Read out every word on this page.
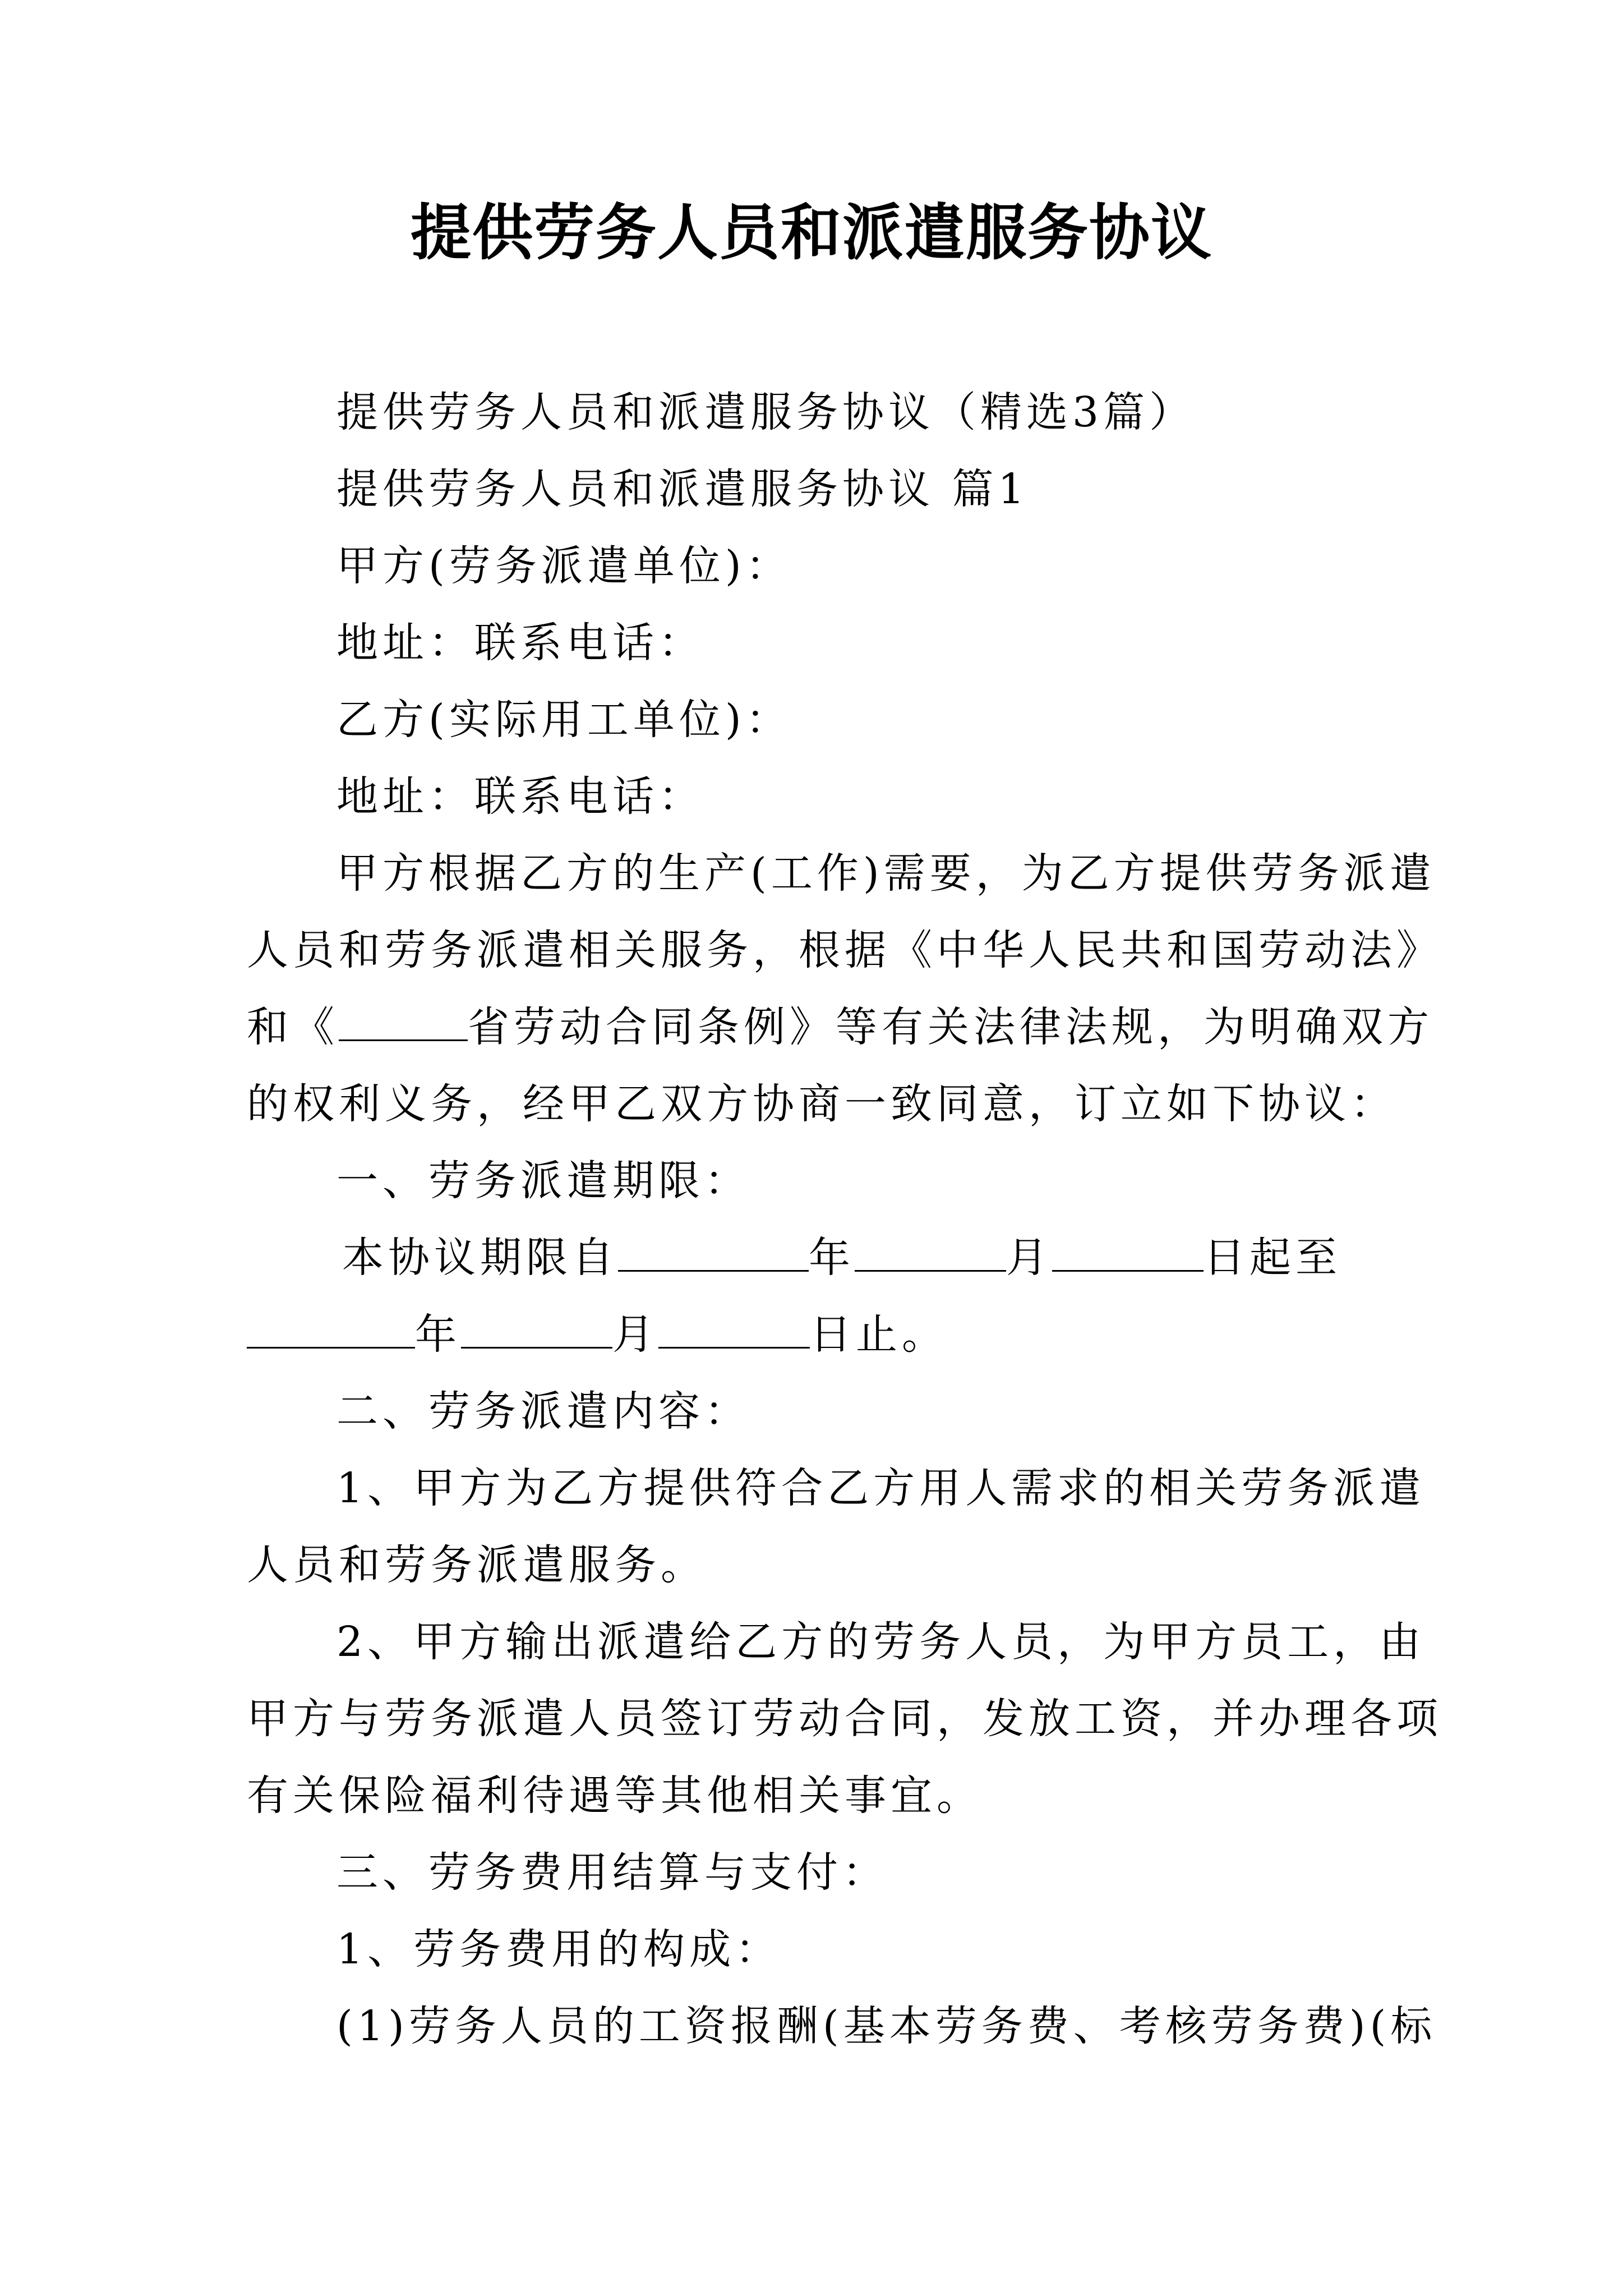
提供劳务人员和派遣服务协议

提供劳务人员和派遣服务协议（精选3篇）

提供劳务人员和派遣服务协议 篇1

甲方(劳务派遣单位)：

地址：联系电话：

乙方(实际用工单位)：

地址：联系电话：

甲方根据乙方的生产(工作)需要，为乙方提供劳务派遣

人员和劳务派遣相关服务，根据《中华人民共和国劳动法》

和《	省劳动合同条例》等有关法律法规，为明确双方

的权利义务，经甲乙双方协商一致同意，订立如下协议：

一、劳务派遣期限：

本协议期限自	年	月	日起至

年	月	日止。

二、劳务派遣内容：

1、甲方为乙方提供符合乙方用人需求的相关劳务派遣

人员和劳务派遣服务。

2、甲方输出派遣给乙方的劳务人员，为甲方员工，由

甲方与劳务派遣人员签订劳动合同，发放工资，并办理各项

有关保险福利待遇等其他相关事宜。

三、劳务费用结算与支付：

1、劳务费用的构成：

(1)劳务人员的工资报酬(基本劳务费、考核劳务费)(标
